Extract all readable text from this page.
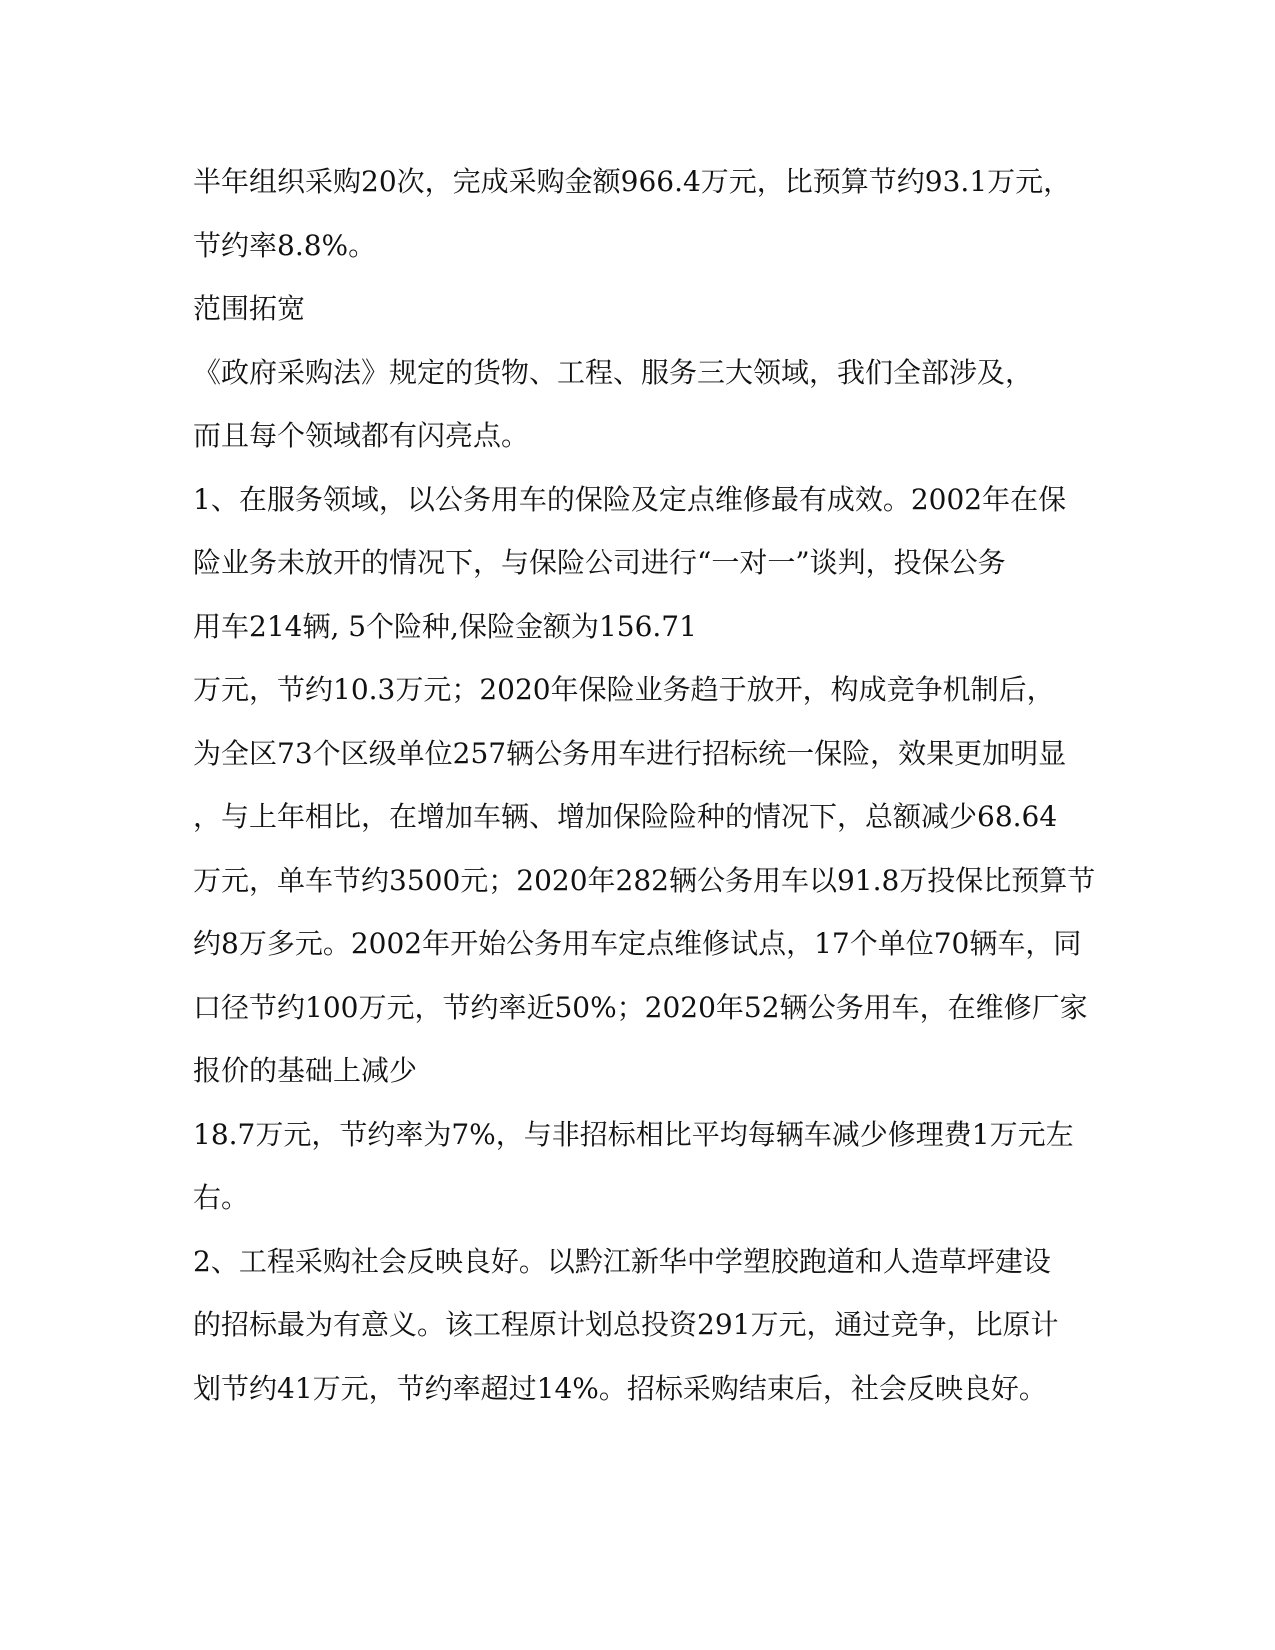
半年组织采购20次，完成采购金额966.4万元，比预算节约93.1万元，
节约率8.8%。
范围拓宽
《政府采购法》规定的货物、工程、服务三大领域，我们全部涉及，
而且每个领域都有闪亮点。
1、在服务领域，以公务用车的保险及定点维修最有成效。2002年在保
险业务未放开的情况下，与保险公司进行“一对一”谈判，投保公务
用车214辆, 5个险种,保险金额为156.71
万元，节约10.3万元；2020年保险业务趋于放开，构成竞争机制后，
为全区73个区级单位257辆公务用车进行招标统一保险，效果更加明显
，与上年相比，在增加车辆、增加保险险种的情况下，总额减少68.64
万元，单车节约3500元；2020年282辆公务用车以91.8万投保比预算节
约8万多元。2002年开始公务用车定点维修试点，17个单位70辆车，同
口径节约100万元，节约率近50%；2020年52辆公务用车，在维修厂家
报价的基础上减少
18.7万元，节约率为7%，与非招标相比平均每辆车减少修理费1万元左
右。
2、工程采购社会反映良好。以黔江新华中学塑胶跑道和人造草坪建设
的招标最为有意义。该工程原计划总投资291万元，通过竞争，比原计
划节约41万元，节约率超过14%。招标采购结束后，社会反映良好。
